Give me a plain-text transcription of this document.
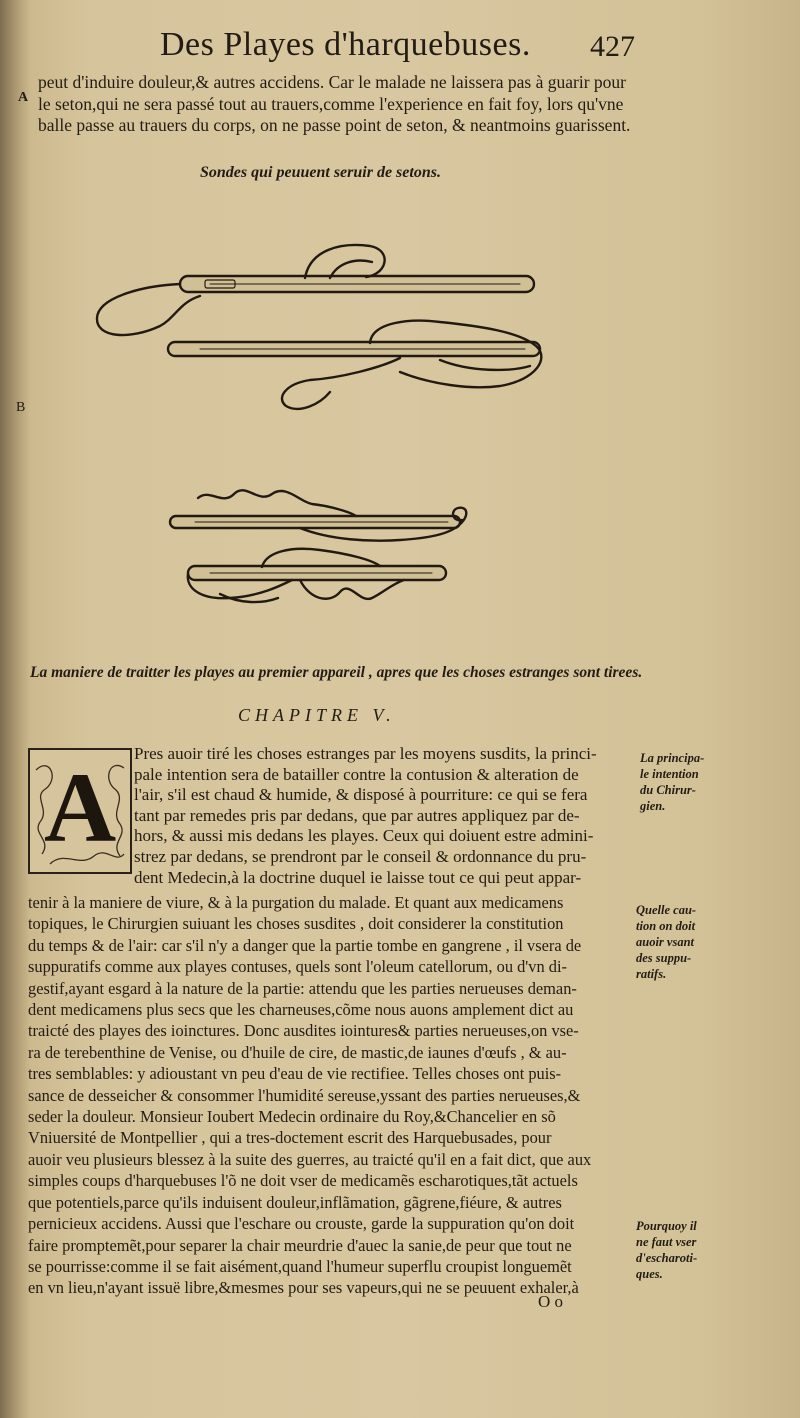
Des Playes d'harquebuses. 427
A
B
peut d'induire douleur,& autres accidens. Car le malade ne laissera pas à guarir pour
le seton,qui ne sera passé tout au trauers,comme l'experience en fait foy, lors qu'vne
balle passe au trauers du corps, on ne passe point de seton, & neantmoins guarissent.
Sondes qui peuuent seruir de setons.
La maniere de traitter les playes au premier appareil , apres que les choses estranges sont tirees.
CHAPITRE V.
A Pres auoir tiré les choses estranges par les moyens susdits, la princi-
pale intention sera de batailler contre la contusion & alteration de
l'air, s'il est chaud & humide, & disposé à pourriture: ce qui se fera
tant par remedes pris par dedans, que par autres appliquez par de-
hors, & aussi mis dedans les playes. Ceux qui doiuent estre admini-
strez par dedans, se prendront par le conseil & ordonnance du pru-
dent Medecin,à la doctrine duquel ie laisse tout ce qui peut appar-
tenir à la maniere de viure, & à la purgation du malade. Et quant aux medicamens
topiques, le Chirurgien suiuant les choses susdites , doit considerer la constitution
du temps & de l'air: car s'il n'y a danger que la partie tombe en gangrene , il vsera de
suppuratifs comme aux playes contuses, quels sont l'oleum catellorum, ou d'vn di-
gestif,ayant esgard à la nature de la partie: attendu que les parties nerueuses deman-
dent medicamens plus secs que les charneuses,cõme nous auons amplement dict au
traicté des playes des ioinctures. Donc ausdites iointures& parties nerueuses,on vse-
ra de terebenthine de Venise, ou d'huile de cire, de mastic,de iaunes d'œufs , & au-
tres semblables: y adioustant vn peu d'eau de vie rectifiee. Telles choses ont puis-
sance de desseicher & consommer l'humidité sereuse,yssant des parties nerueuses,&
seder la douleur. Monsieur Ioubert Medecin ordinaire du Roy,&Chancelier en sõ
Vniuersité de Montpellier , qui a tres-doctement escrit des Harquebusades, pour
auoir veu plusieurs blessez à la suite des guerres, au traicté qu'il en a fait dict, que aux
simples coups d'harquebuses l'õ ne doit vser de medicamẽs escharotiques,tãt actuels
que potentiels,parce qu'ils induisent douleur,inflãmation, gãgrene,fiéure, & autres
pernicieux accidens. Aussi que l'eschare ou crouste, garde la suppuration qu'on doit
faire promptemẽt,pour separer la chair meurdrie d'auec la sanie,de peur que tout ne
se pourrisse:comme il se fait aisément,quand l'humeur superflu croupist longuemẽt
en vn lieu,n'ayant issuë libre,&mesmes pour ses vapeurs,qui ne se peuuent exhaler,à
La principa-
le intention
du Chirur-
gien.
Quelle cau-
tion on doit
auoir vsant
des suppu-
ratifs.
Pourquoy il
ne faut vser
d'escharoti-
ques.
O o
